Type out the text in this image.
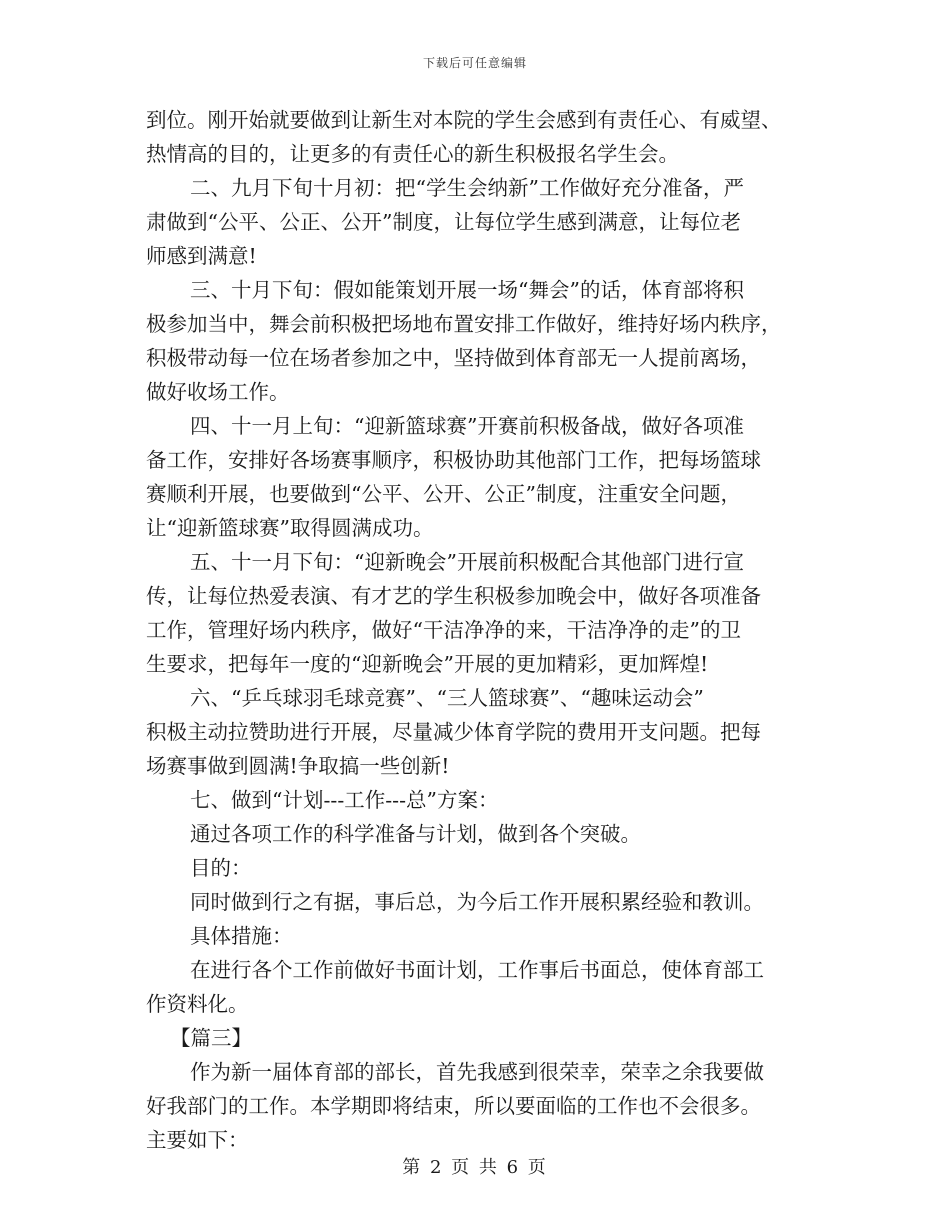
下载后可任意编辑
到位。刚开始就要做到让新生对本院的学生会感到有责任心、有威望、
热情高的目的，让更多的有责任心的新生积极报名学生会。
二、九月下旬十月初：把“学生会纳新”工作做好充分准备，严
肃做到“公平、公正、公开”制度，让每位学生感到满意，让每位老
师感到满意!
三、十月下旬：假如能策划开展一场“舞会”的话，体育部将积
极参加当中，舞会前积极把场地布置安排工作做好，维持好场内秩序，
积极带动每一位在场者参加之中，坚持做到体育部无一人提前离场，
做好收场工作。
四、十一月上旬：“迎新篮球赛”开赛前积极备战，做好各项准
备工作，安排好各场赛事顺序，积极协助其他部门工作，把每场篮球
赛顺利开展，也要做到“公平、公开、公正”制度，注重安全问题，
让“迎新篮球赛”取得圆满成功。
五、十一月下旬：“迎新晚会”开展前积极配合其他部门进行宣
传，让每位热爱表演、有才艺的学生积极参加晚会中，做好各项准备
工作，管理好场内秩序，做好“干洁净净的来，干洁净净的走”的卫
生要求，把每年一度的“迎新晚会”开展的更加精彩，更加辉煌!
六、“乒乓球羽毛球竞赛”、“三人篮球赛”、“趣味运动会”
积极主动拉赞助进行开展，尽量减少体育学院的费用开支问题。把每
场赛事做到圆满!争取搞一些创新!
七、做到“计划---工作---总”方案：
通过各项工作的科学准备与计划，做到各个突破。
目的：
同时做到行之有据，事后总，为今后工作开展积累经验和教训。
具体措施：
在进行各个工作前做好书面计划，工作事后书面总，使体育部工
作资料化。
【篇三】
作为新一届体育部的部长，首先我感到很荣幸，荣幸之余我要做
好我部门的工作。本学期即将结束，所以要面临的工作也不会很多。
主要如下：
第 2 页 共 6 页
